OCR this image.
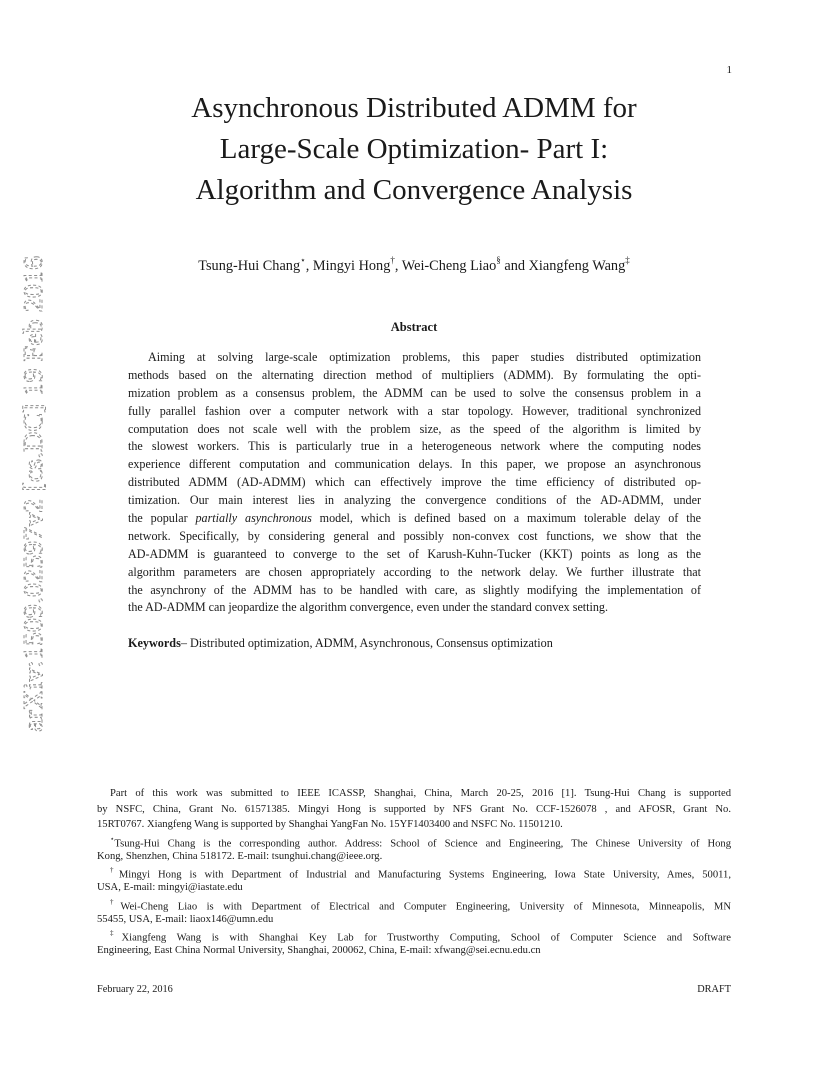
1
arXiv:1509.02597v2 [cs.DC] 19 Feb 2016
Asynchronous Distributed ADMM for
Large-Scale Optimization- Part I:
Algorithm and Convergence Analysis
Tsung-Hui Chang⋆, Mingyi Hong†, Wei-Cheng Liao§ and Xiangfeng Wang‡
Abstract
Aiming at solving large-scale optimization problems, this paper studies distributed optimization
methods based on the alternating direction method of multipliers (ADMM). By formulating the opti-
mization problem as a consensus problem, the ADMM can be used to solve the consensus problem in a
fully parallel fashion over a computer network with a star topology. However, traditional synchronized
computation does not scale well with the problem size, as the speed of the algorithm is limited by
the slowest workers. This is particularly true in a heterogeneous network where the computing nodes
experience different computation and communication delays. In this paper, we propose an asynchronous
distributed ADMM (AD-ADMM) which can effectively improve the time efficiency of distributed op-
timization. Our main interest lies in analyzing the convergence conditions of the AD-ADMM, under
the popular partially asynchronous model, which is defined based on a maximum tolerable delay of the
network. Specifically, by considering general and possibly non-convex cost functions, we show that the
AD-ADMM is guaranteed to converge to the set of Karush-Kuhn-Tucker (KKT) points as long as the
algorithm parameters are chosen appropriately according to the network delay. We further illustrate that
the asynchrony of the ADMM has to be handled with care, as slightly modifying the implementation of
the AD-ADMM can jeopardize the algorithm convergence, even under the standard convex setting.
Keywords– Distributed optimization, ADMM, Asynchronous, Consensus optimization
Part of this work was submitted to IEEE ICASSP, Shanghai, China, March 20-25, 2016 [1]. Tsung-Hui Chang is supported
by NSFC, China, Grant No. 61571385. Mingyi Hong is supported by NFS Grant No. CCF-1526078 , and AFOSR, Grant No.
15RT0767. Xiangfeng Wang is supported by Shanghai YangFan No. 15YF1403400 and NSFC No. 11501210.
⋆Tsung-Hui Chang is the corresponding author. Address: School of Science and Engineering, The Chinese University of Hong
Kong, Shenzhen, China 518172. E-mail: tsunghui.chang@ieee.org.
†Mingyi Hong is with Department of Industrial and Manufacturing Systems Engineering, Iowa State University, Ames, 50011,
USA, E-mail: mingyi@iastate.edu
†Wei-Cheng Liao is with Department of Electrical and Computer Engineering, University of Minnesota, Minneapolis, MN
55455, USA, E-mail: liaox146@umn.edu
‡Xiangfeng Wang is with Shanghai Key Lab for Trustworthy Computing, School of Computer Science and Software
Engineering, East China Normal University, Shanghai, 200062, China, E-mail: xfwang@sei.ecnu.edu.cn
February 22, 2016	DRAFT
